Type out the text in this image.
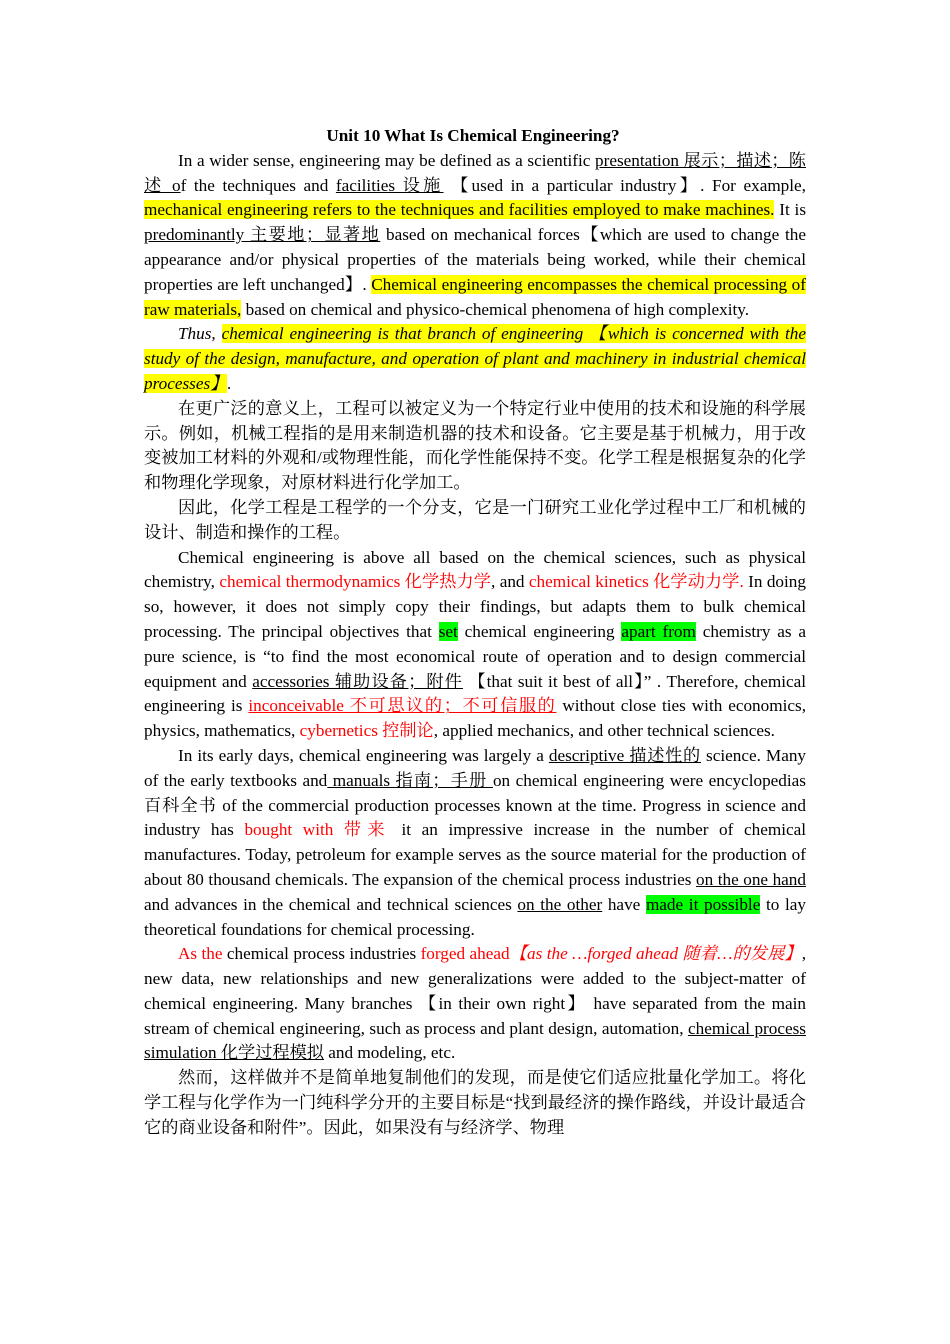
Unit 10 What Is Chemical Engineering?

In a wider sense, engineering may be defined as a scientific presentation 展示；描述；陈述 of the techniques and facilities 设施 【used in a particular industry】. For example, mechanical engineering refers to the techniques and facilities employed to make machines. It is predominantly 主要地；显著地 based on mechanical forces【which are used to change the appearance and/or physical properties of the materials being worked, while their chemical properties are left unchanged】. Chemical engineering encompasses the chemical processing of raw materials, based on chemical and physico-chemical phenomena of high complexity.

Thus, chemical engineering is that branch of engineering 【which is concerned with the study of the design, manufacture, and operation of plant and machinery in industrial chemical processes】.

在更广泛的意义上，工程可以被定义为一个特定行业中使用的技术和设施的科学展示。例如，机械工程指的是用来制造机器的技术和设备。它主要是基于机械力，用于改变被加工材料的外观和/或物理性能，而化学性能保持不变。化学工程是根据复杂的化学和物理化学现象，对原材料进行化学加工。

因此，化学工程是工程学的一个分支，它是一门研究工业化学过程中工厂和机械的设计、制造和操作的工程。

Chemical engineering is above all based on the chemical sciences, such as physical chemistry, chemical thermodynamics 化学热力学, and chemical kinetics 化学动力学. In doing so, however, it does not simply copy their findings, but adapts them to bulk chemical processing. The principal objectives that set chemical engineering apart from chemistry as a pure science, is “to find the most economical route of operation and to design commercial equipment and accessories 辅助设备；附件 【that suit it best of all】” . Therefore, chemical engineering is inconceivable 不可思议的；不可信服的 without close ties with economics, physics, mathematics, cybernetics 控制论, applied mechanics, and other technical sciences.

In its early days, chemical engineering was largely a descriptive 描述性的 science. Many of the early textbooks and manuals 指南；手册 on chemical engineering were encyclopedias 百科全书 of the commercial production processes known at the time. Progress in science and industry has bought with 带来 it an impressive increase in the number of chemical manufactures. Today, petroleum for example serves as the source material for the production of about 80 thousand chemicals. The expansion of the chemical process industries on the one hand and advances in the chemical and technical sciences on the other have made it possible to lay theoretical foundations for chemical processing.

As the chemical process industries forged ahead【as the …forged ahead 随着…的发展】, new data, new relationships and new generalizations were added to the subject-matter of chemical engineering. Many branches 【in their own right】 have separated from the main stream of chemical engineering, such as process and plant design, automation, chemical process simulation 化学过程模拟 and modeling, etc.

然而，这样做并不是简单地复制他们的发现，而是使它们适应批量化学加工。将化学工程与化学作为一门纯科学分开的主要目标是“找到最经济的操作路线，并设计最适合它的商业设备和附件”。因此，如果没有与经济学、物理
